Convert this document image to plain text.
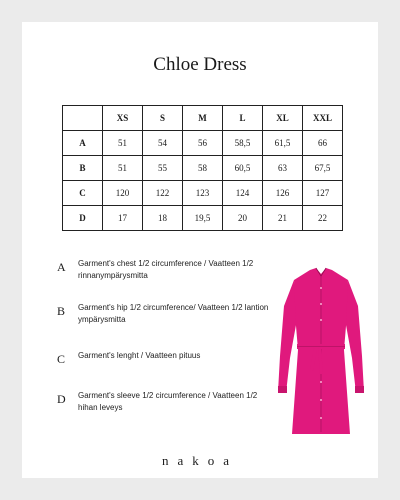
Chloe Dress
	XS	S	M	L	XL	XXL
A	51	54	56	58,5	61,5	66
B	51	55	58	60,5	63	67,5
C	120	122	123	124	126	127
D	17	18	19,5	20	21	22
A Garment's chest 1/2 circumference / Vaatteen 1/2 rinnanympärysmitta
B Garment's hip 1/2 circumference/ Vaatteen 1/2 lantion ympärysmitta
C Garment's lenght / Vaatteen pituus
D Garment's sleeve 1/2 circumference / Vaatteen 1/2 hihan leveys
nakoa
